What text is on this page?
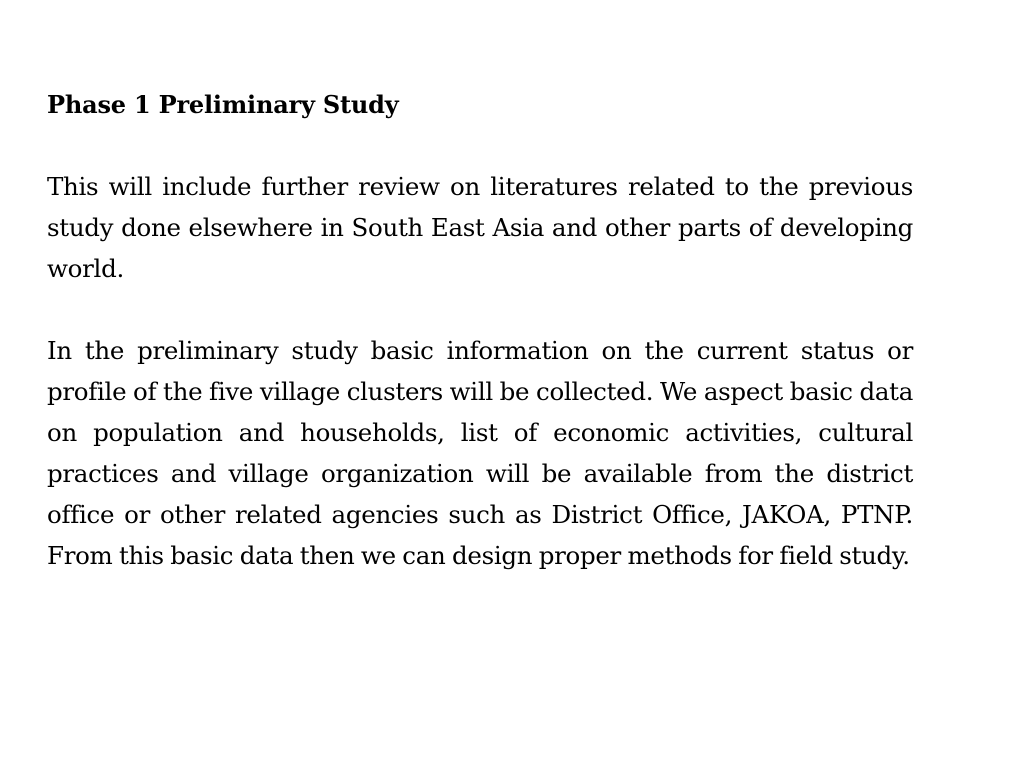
Phase 1 Preliminary Study

This will include further review on literatures related to the previous study done elsewhere in South East Asia and other parts of developing world.

In the preliminary study basic information on the current status or profile of the five village clusters will be collected. We aspect basic data on population and households, list of economic activities, cultural practices and village organization will be available from the district office or other related agencies such as District Office, JAKOA, PTNP. From this basic data then we can design proper methods for field study.
